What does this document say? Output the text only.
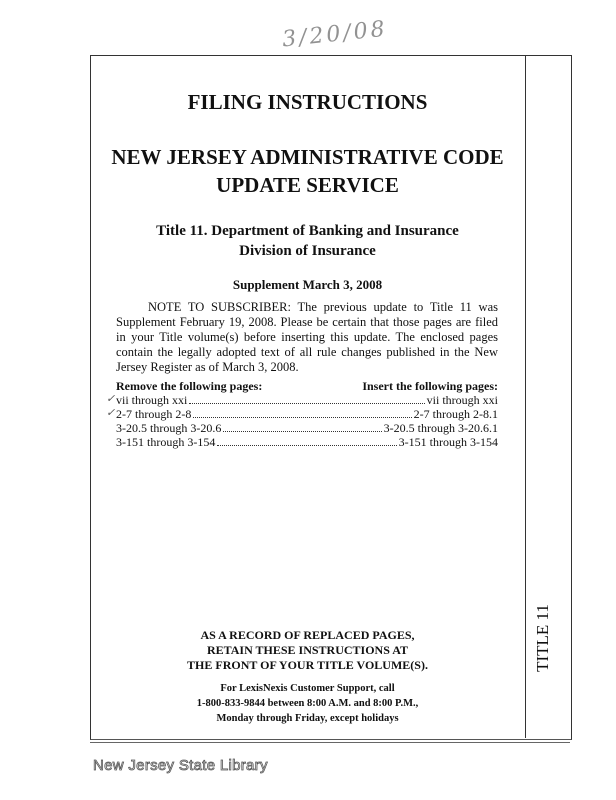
3/20/08
TITLE 11
FILING INSTRUCTIONS
NEW JERSEY ADMINISTRATIVE CODE
UPDATE SERVICE
Title 11. Department of Banking and Insurance
Division of Insurance
Supplement March 3, 2008
NOTE TO SUBSCRIBER: The previous update to Title 11 was Supplement February 19, 2008. Please be certain that those pages are filed in your Title volume(s) before inserting this update. The enclosed pages contain the legally adopted text of all rule changes published in the New Jersey Register as of March 3, 2008.
Remove the following pages:	Insert the following pages:
vii through xxi	vii through xxi
2-7 through 2-8	2-7 through 2-8.1
3-20.5 through 3-20.6	3-20.5 through 3-20.6.1
3-151 through 3-154	3-151 through 3-154
✓
✓
AS A RECORD OF REPLACED PAGES,
RETAIN THESE INSTRUCTIONS AT
THE FRONT OF YOUR TITLE VOLUME(S).
For LexisNexis Customer Support, call
1-800-833-9844 between 8:00 A.M. and 8:00 P.M.,
Monday through Friday, except holidays
New Jersey State Library
